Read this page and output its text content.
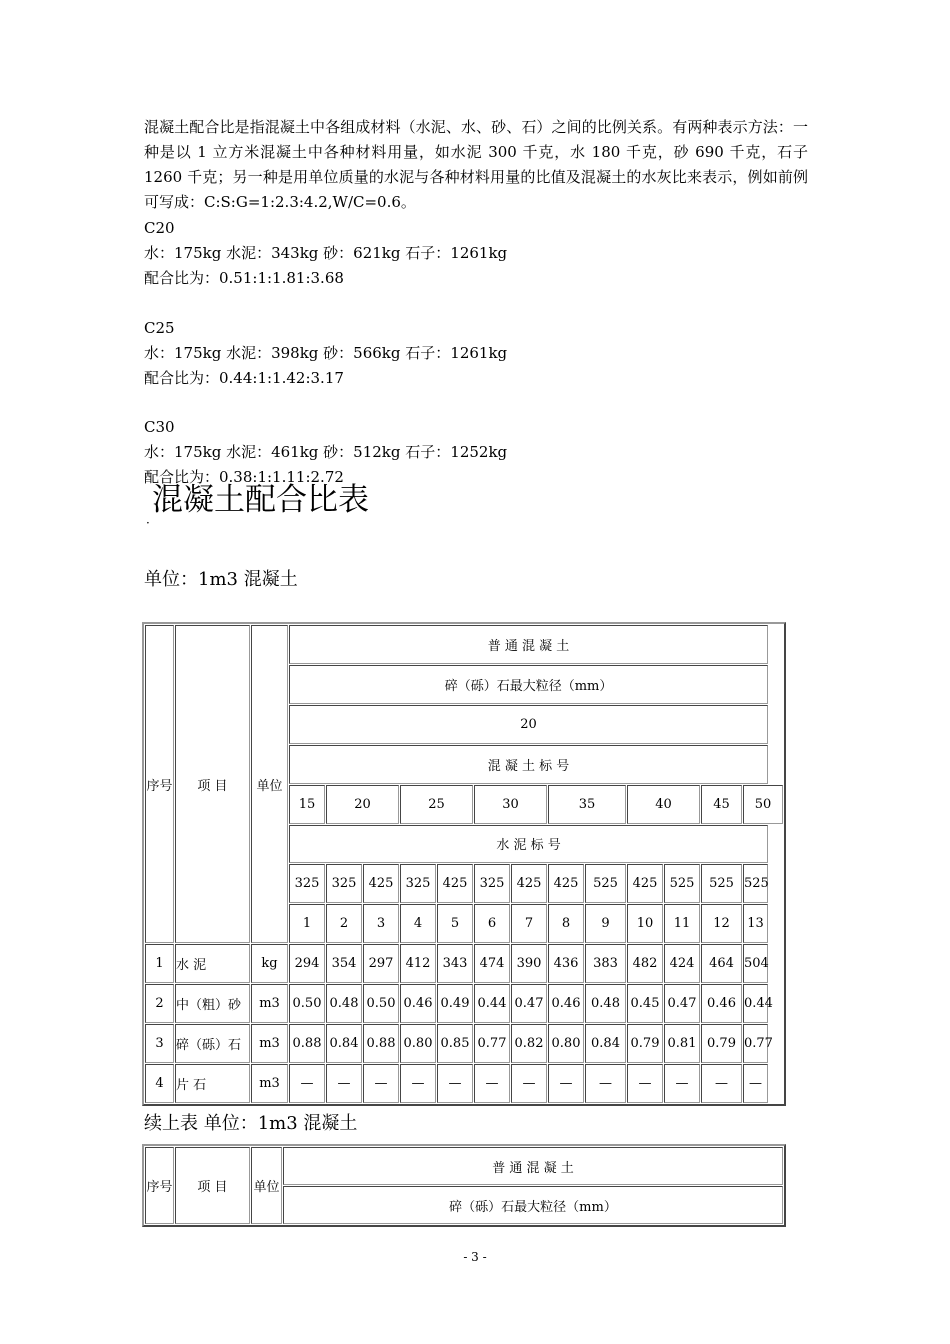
混凝土配合比是指混凝土中各组成材料（水泥、水、砂、石）之间的比例关系。有两种表示方法：一种是以 1 立方米混凝土中各种材料用量，如水泥 300 千克，水 180 千克，砂 690 千克，石子 1260 千克；另一种是用单位质量的水泥与各种材料用量的比值及混凝土的水灰比来表示，例如前例可写成：C:S:G=1:2.3:4.2,W/C=0.6。
C20
水：175kg 水泥：343kg 砂：621kg 石子：1261kg
配合比为：0.51:1:1.81:3.68
C25
水：175kg 水泥：398kg 砂：566kg 石子：1261kg
配合比为：0.44:1:1.42:3.17
C30
水：175kg 水泥：461kg 砂：512kg 石子：1252kg
配合比为：0.38:1:1.11:2.72
混凝土配合比表
·
单位：1m3 混凝土
序号	项 目	单位	普 通 混 凝 土												
			碎（砾）石最大粒径（mm）												
			20												
			混 凝 土 标 号												
			15	20		25		30		35		40		45	50
			水 泥 标 号												
			325	325	425	325	425	325	425	425	525	425	525	525	525
			1	2	3	4	5	6	7	8	9	10	11	12	13
1	水 泥	kg	294	354	297	412	343	474	390	436	383	482	424	464	504
2	中（粗）砂	m3	0.50	0.48	0.50	0.46	0.49	0.44	0.47	0.46	0.48	0.45	0.47	0.46	0.44
3	碎（砾）石	m3	0.88	0.84	0.88	0.80	0.85	0.77	0.82	0.80	0.84	0.79	0.81	0.79	0.77
4	片 石	m3	—	—	—	—	—	—	—	—	—	—	—	—	—
续上表 单位：1m3 混凝土
序号	项 目	单位	普 通 混 凝 土
碎（砾）石最大粒径（mm）
- 3 -
